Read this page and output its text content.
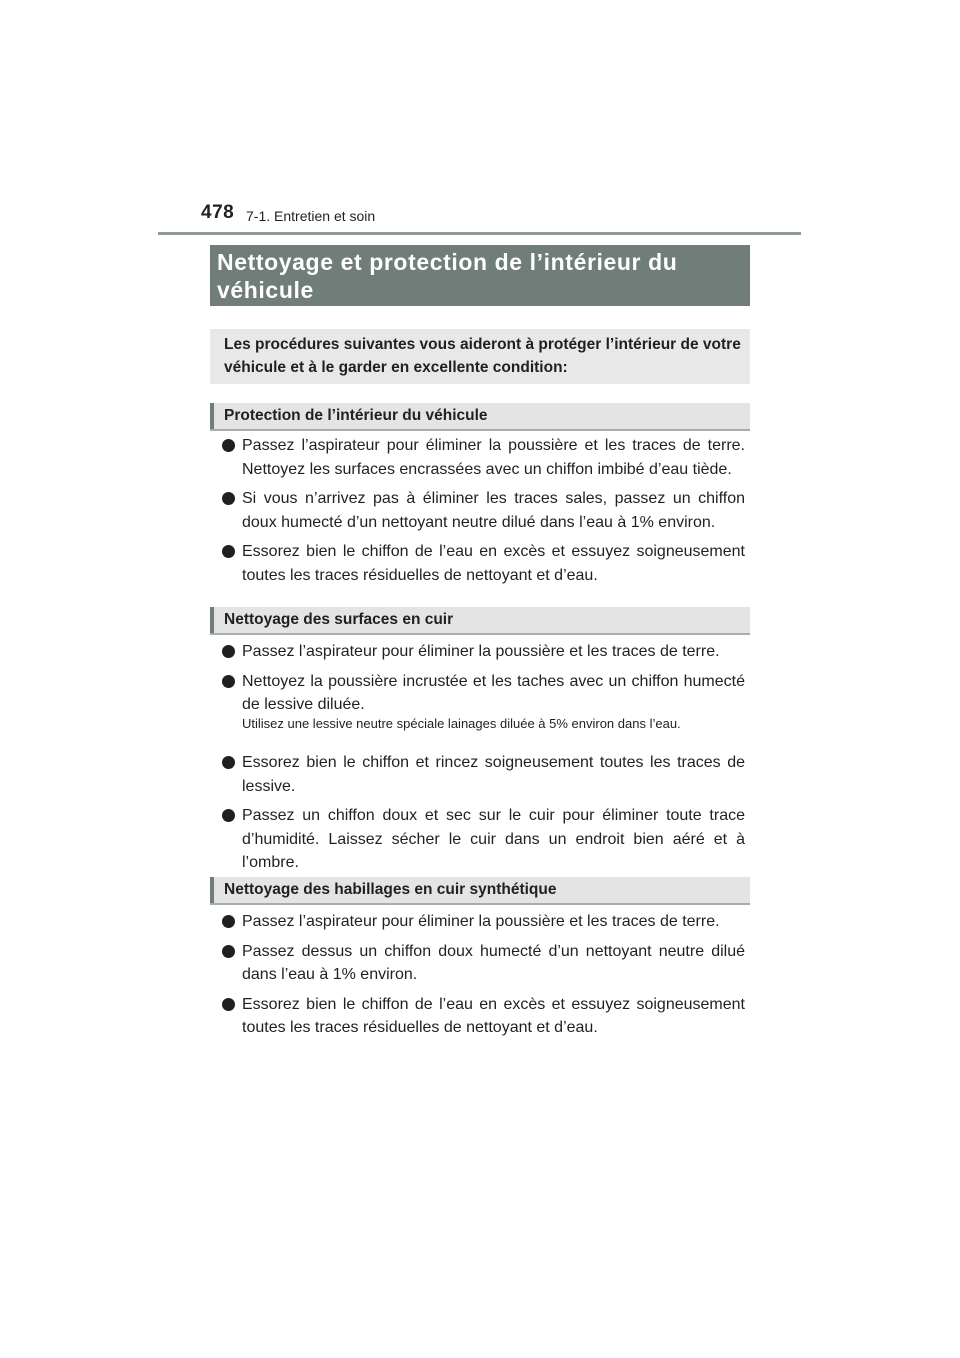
478 7-1. Entretien et soin
Nettoyage et protection de l’intérieur du véhicule
Les procédures suivantes vous aideront à protéger l’intérieur de votre véhicule et à le garder en excellente condition:
Protection de l’intérieur du véhicule
Passez l’aspirateur pour éliminer la poussière et les traces de terre. Nettoyez les surfaces encrassées avec un chiffon imbibé d’eau tiède.
Si vous n’arrivez pas à éliminer les traces sales, passez un chiffon doux humecté d’un nettoyant neutre dilué dans l’eau à 1% environ.
Essorez bien le chiffon de l’eau en excès et essuyez soigneusement toutes les traces résiduelles de nettoyant et d’eau.
Nettoyage des surfaces en cuir
Passez l’aspirateur pour éliminer la poussière et les traces de terre.
Nettoyez la poussière incrustée et les taches avec un chiffon humecté de lessive diluée.
Utilisez une lessive neutre spéciale lainages diluée à 5% environ dans l’eau.
Essorez bien le chiffon et rincez soigneusement toutes les traces de lessive.
Passez un chiffon doux et sec sur le cuir pour éliminer toute trace d’humidité. Laissez sécher le cuir dans un endroit bien aéré et à l’ombre.
Nettoyage des habillages en cuir synthétique
Passez l’aspirateur pour éliminer la poussière et les traces de terre.
Passez dessus un chiffon doux humecté d’un nettoyant neutre dilué dans l’eau à 1% environ.
Essorez bien le chiffon de l’eau en excès et essuyez soigneusement toutes les traces résiduelles de nettoyant et d’eau.
